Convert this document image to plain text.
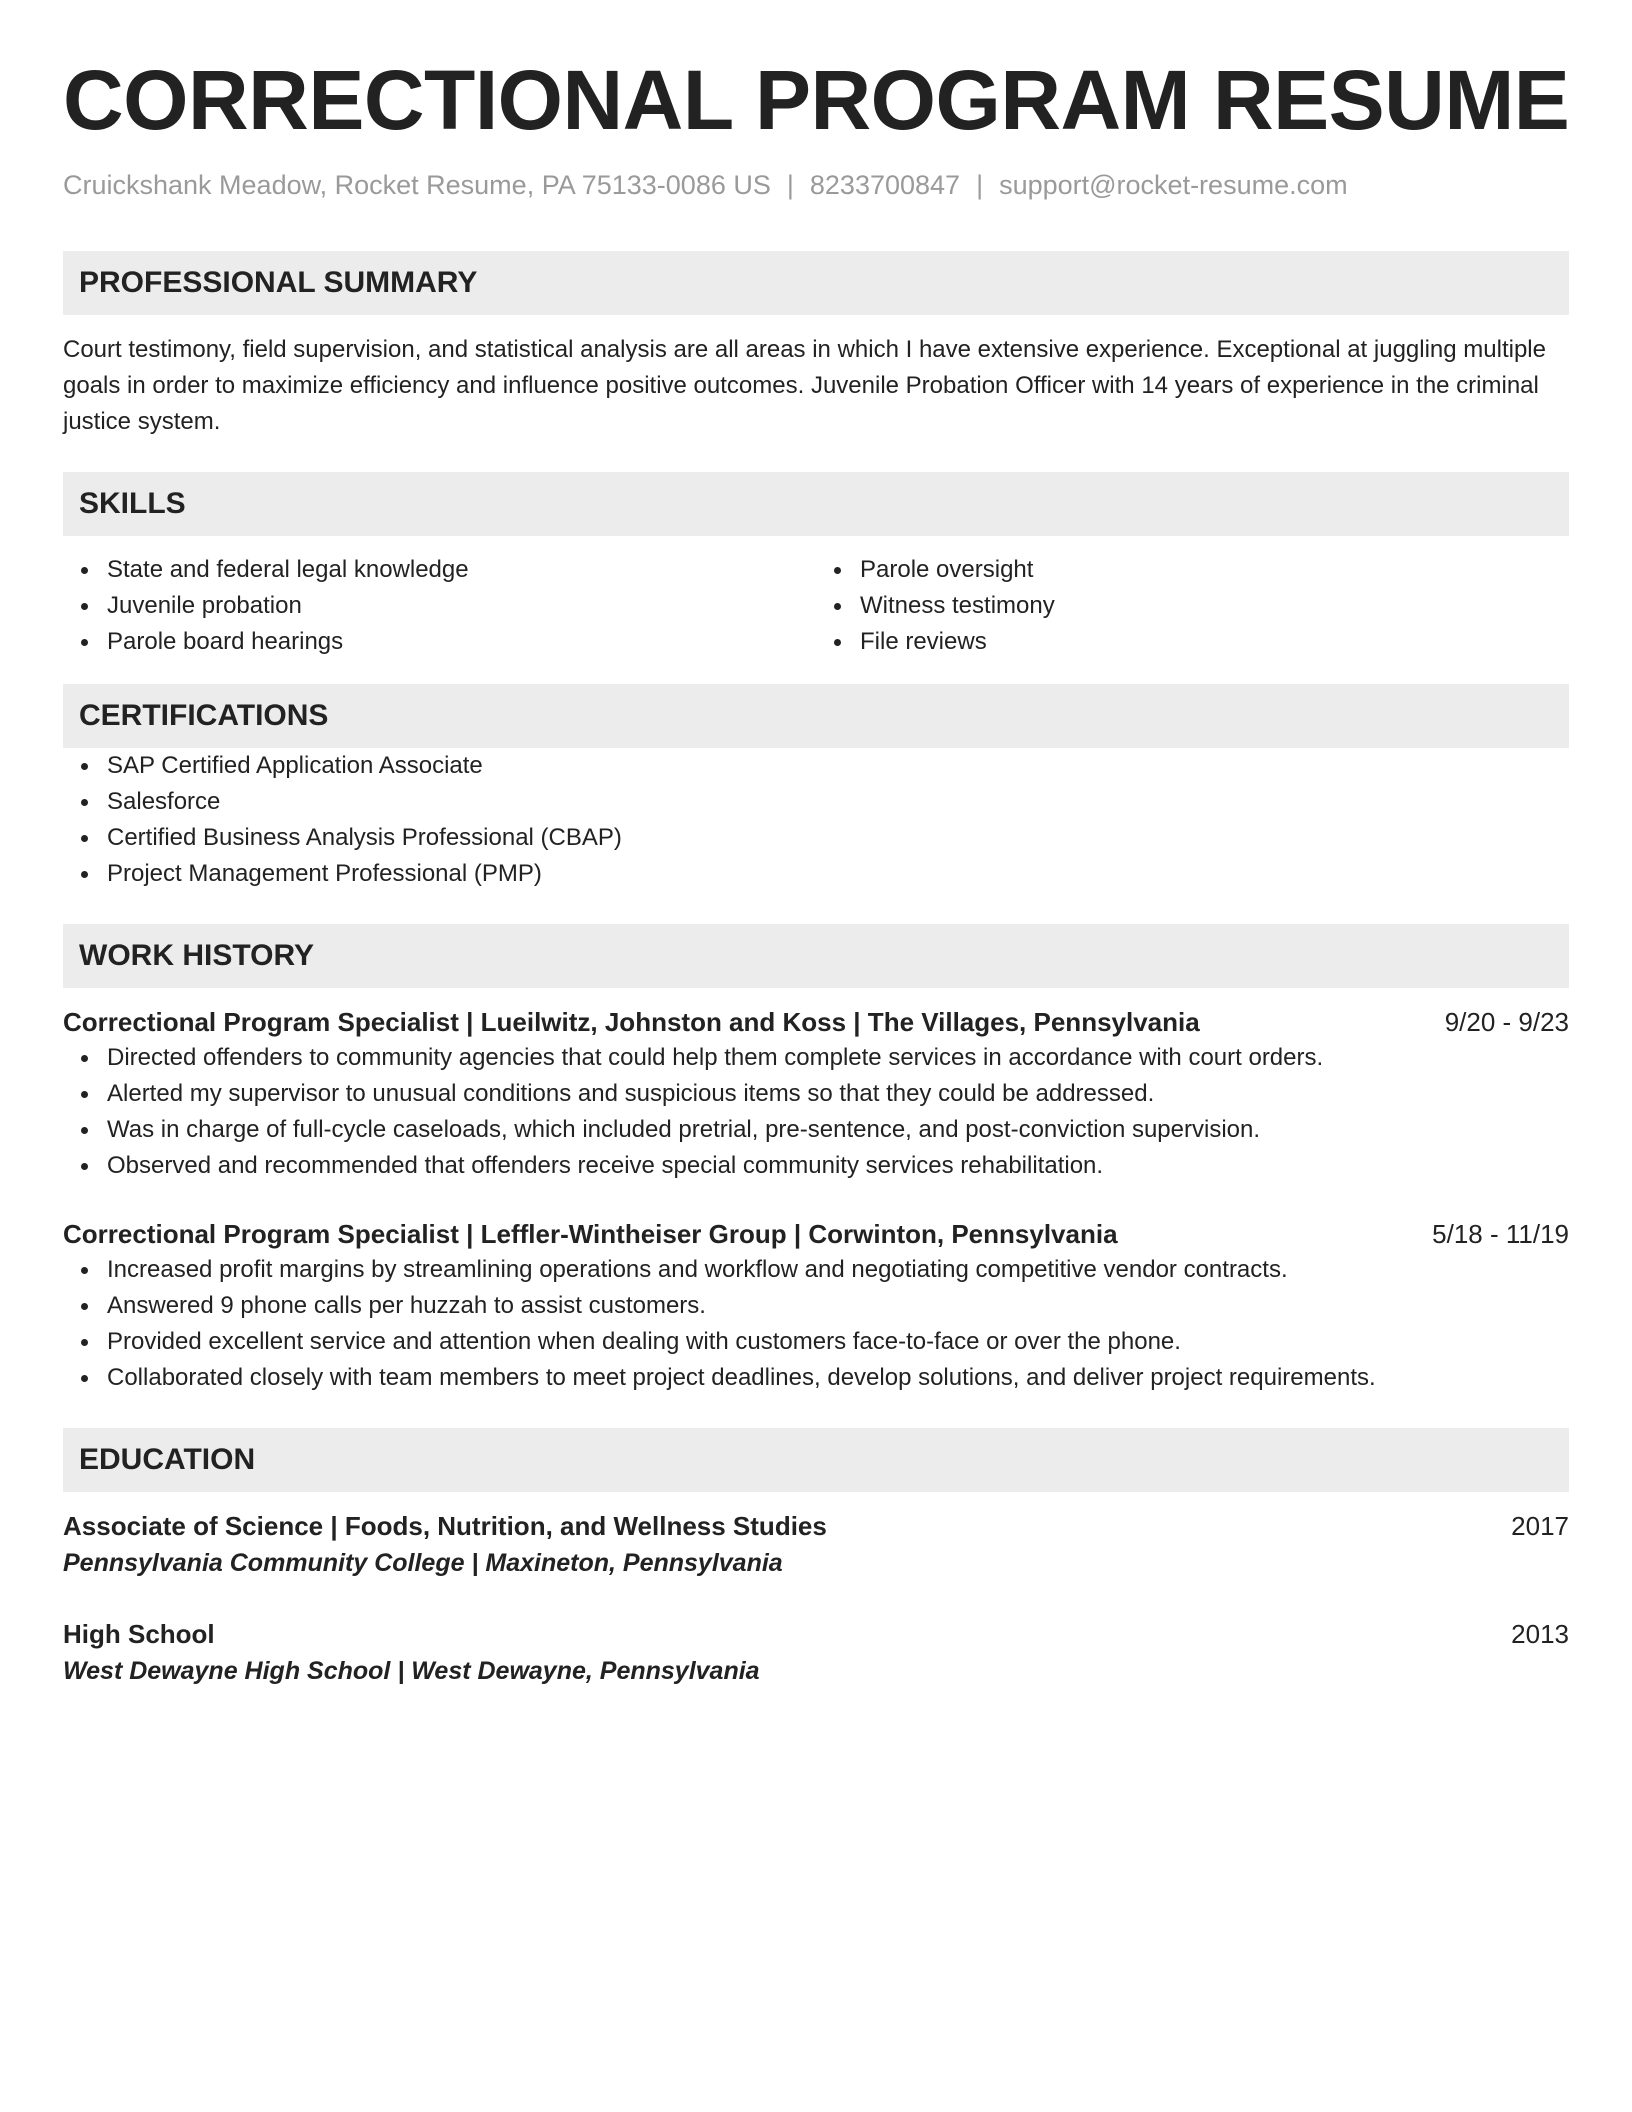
CORRECTIONAL PROGRAM RESUME
Cruickshank Meadow, Rocket Resume, PA 75133-0086 US | 8233700847 | support@rocket-resume.com
PROFESSIONAL SUMMARY
Court testimony, field supervision, and statistical analysis are all areas in which I have extensive experience. Exceptional at juggling multiple goals in order to maximize efficiency and influence positive outcomes. Juvenile Probation Officer with 14 years of experience in the criminal justice system.
SKILLS
State and federal legal knowledge
Juvenile probation
Parole board hearings
Parole oversight
Witness testimony
File reviews
CERTIFICATIONS
SAP Certified Application Associate
Salesforce
Certified Business Analysis Professional (CBAP)
Project Management Professional (PMP)
WORK HISTORY
Correctional Program Specialist | Lueilwitz, Johnston and Koss | The Villages, Pennsylvania	9/20 - 9/23
Directed offenders to community agencies that could help them complete services in accordance with court orders.
Alerted my supervisor to unusual conditions and suspicious items so that they could be addressed.
Was in charge of full-cycle caseloads, which included pretrial, pre-sentence, and post-conviction supervision.
Observed and recommended that offenders receive special community services rehabilitation.
Correctional Program Specialist | Leffler-Wintheiser Group | Corwinton, Pennsylvania	5/18 - 11/19
Increased profit margins by streamlining operations and workflow and negotiating competitive vendor contracts.
Answered 9 phone calls per huzzah to assist customers.
Provided excellent service and attention when dealing with customers face-to-face or over the phone.
Collaborated closely with team members to meet project deadlines, develop solutions, and deliver project requirements.
EDUCATION
Associate of Science | Foods, Nutrition, and Wellness Studies	2017
Pennsylvania Community College | Maxineton, Pennsylvania
High School	2013
West Dewayne High School | West Dewayne, Pennsylvania
